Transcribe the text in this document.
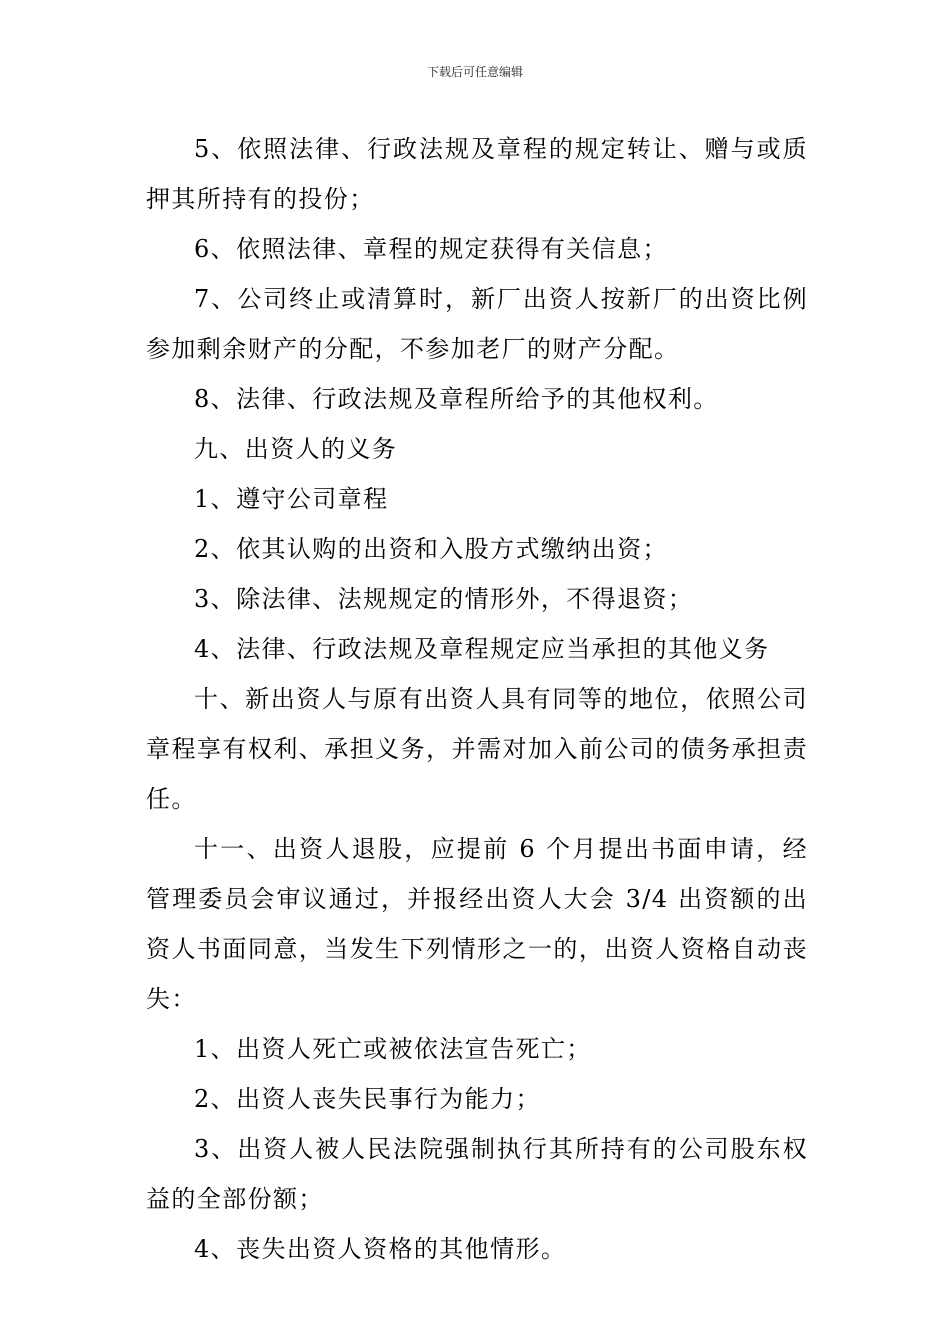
下载后可任意编辑

5、依照法律、行政法规及章程的规定转让、赠与或质押其所持有的投份；

6、依照法律、章程的规定获得有关信息；

7、公司终止或清算时，新厂出资人按新厂的出资比例参加剩余财产的分配，不参加老厂的财产分配。

8、法律、行政法规及章程所给予的其他权利。

九、出资人的义务

1、遵守公司章程

2、依其认购的出资和入股方式缴纳出资；

3、除法律、法规规定的情形外，不得退资；

4、法律、行政法规及章程规定应当承担的其他义务

十、新出资人与原有出资人具有同等的地位，依照公司章程享有权利、承担义务，并需对加入前公司的债务承担责任。

十一、出资人退股，应提前 6 个月提出书面申请，经管理委员会审议通过，并报经出资人大会 3/4 出资额的出资人书面同意，当发生下列情形之一的，出资人资格自动丧失：

1、出资人死亡或被依法宣告死亡；

2、出资人丧失民事行为能力；

3、出资人被人民法院强制执行其所持有的公司股东权益的全部份额；

4、丧失出资人资格的其他情形。
